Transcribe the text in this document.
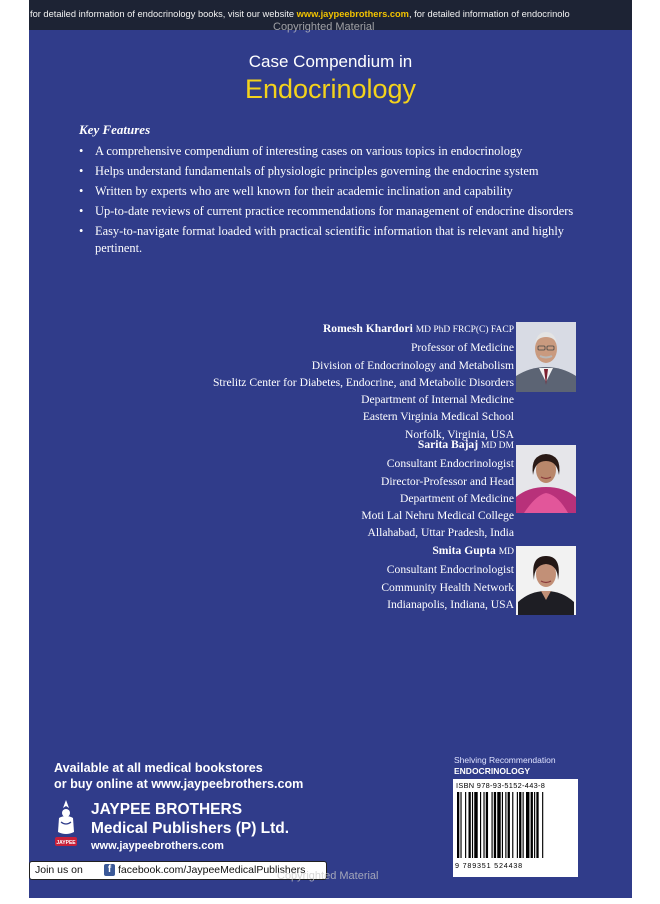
for detailed information of endocrinology books, visit our website www.jaypeebrothers.com, for detailed information of endocrinolo
Copyrighted Material
Case Compendium in
Endocrinology
Key Features
• A comprehensive compendium of interesting cases on various topics in endocrinology
• Helps understand fundamentals of physiologic principles governing the endocrine system
• Written by experts who are well known for their academic inclination and capability
• Up-to-date reviews of current practice recommendations for management of endocrine disorders
• Easy-to-navigate format loaded with practical scientific information that is relevant and highly pertinent.
Romesh Khardori MD PhD FRCP(C) FACP
Professor of Medicine
Division of Endocrinology and Metabolism
Strelitz Center for Diabetes, Endocrine, and Metabolic Disorders
Department of Internal Medicine
Eastern Virginia Medical School
Norfolk, Virginia, USA
Sarita Bajaj MD DM
Consultant Endocrinologist
Director-Professor and Head
Department of Medicine
Moti Lal Nehru Medical College
Allahabad, Uttar Pradesh, India
Smita Gupta MD
Consultant Endocrinologist
Community Health Network
Indianapolis, Indiana, USA
Available at all medical bookstores
or buy online at www.jaypeebrothers.com
JAYPEE
JAYPEE BROTHERS
Medical Publishers (P) Ltd.
www.jaypeebrothers.com
Join us on	f facebook.com/JaypeeMedicalPublishers
Copyrighted Material
Shelving Recommendation
ENDOCRINOLOGY
ISBN 978-93-5152-443-8
9 789351 524438
